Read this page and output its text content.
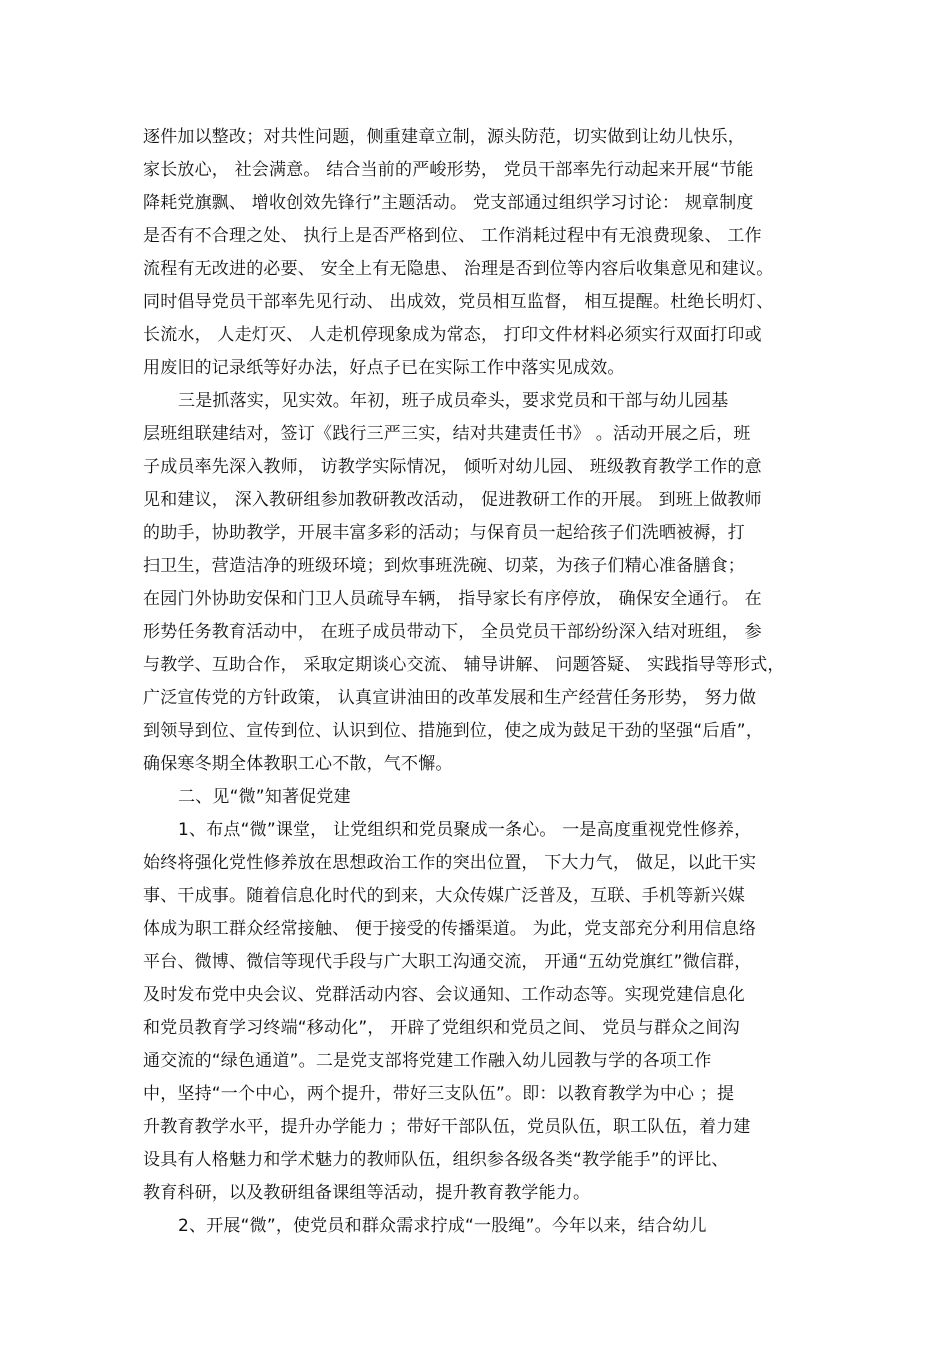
逐件加以整改；对共性问题，侧重建章立制，源头防范，切实做到让幼儿快乐，
家长放心， 社会满意。 结合当前的严峻形势， 党员干部率先行动起来开展“节能
降耗党旗飘、 增收创效先锋行”主题活动。 党支部通过组织学习讨论： 规章制度
是否有不合理之处、 执行上是否严格到位、 工作消耗过程中有无浪费现象、 工作
流程有无改进的必要、 安全上有无隐患、 治理是否到位等内容后收集意见和建议。
同时倡导党员干部率先见行动、 出成效，党员相互监督， 相互提醒。杜绝长明灯、
长流水， 人走灯灭、 人走机停现象成为常态， 打印文件材料必须实行双面打印或
用废旧的记录纸等好办法，好点子已在实际工作中落实见成效。
三是抓落实，见实效。年初，班子成员牵头，要求党员和干部与幼儿园基
层班组联建结对，签订《践行三严三实，结对共建责任书》 。活动开展之后，班
子成员率先深入教师， 访教学实际情况， 倾听对幼儿园、 班级教育教学工作的意
见和建议， 深入教研组参加教研教改活动， 促进教研工作的开展。 到班上做教师
的助手，协助教学，开展丰富多彩的活动；与保育员一起给孩子们洗晒被褥，打
扫卫生，营造洁净的班级环境；到炊事班洗碗、切菜，为孩子们精心准备膳食；
在园门外协助安保和门卫人员疏导车辆， 指导家长有序停放， 确保安全通行。 在
形势任务教育活动中， 在班子成员带动下， 全员党员干部纷纷深入结对班组， 参
与教学、互助合作， 采取定期谈心交流、 辅导讲解、 问题答疑、 实践指导等形式，
广泛宣传党的方针政策， 认真宣讲油田的改革发展和生产经营任务形势， 努力做
到领导到位、宣传到位、认识到位、措施到位，使之成为鼓足干劲的坚强“后盾”，
确保寒冬期全体教职工心不散，气不懈。
二、见“微”知著促党建
1、布点“微”课堂， 让党组织和党员聚成一条心。 一是高度重视党性修养，
始终将强化党性修养放在思想政治工作的突出位置， 下大力气， 做足，以此干实
事、干成事。随着信息化时代的到来，大众传媒广泛普及，互联、手机等新兴媒
体成为职工群众经常接触、 便于接受的传播渠道。 为此，党支部充分利用信息络
平台、微博、微信等现代手段与广大职工沟通交流， 开通“五幼党旗红”微信群，
及时发布党中央会议、党群活动内容、会议通知、工作动态等。实现党建信息化
和党员教育学习终端“移动化”， 开辟了党组织和党员之间、 党员与群众之间沟
通交流的“绿色通道”。二是党支部将党建工作融入幼儿园教与学的各项工作
中，坚持“一个中心，两个提升，带好三支队伍”。即：以教育教学为中心 ；提
升教育教学水平，提升办学能力 ；带好干部队伍，党员队伍，职工队伍，着力建
设具有人格魅力和学术魅力的教师队伍，组织参各级各类“教学能手”的评比、
教育科研，以及教研组备课组等活动，提升教育教学能力。
2、开展“微”，使党员和群众需求拧成“一股绳”。今年以来，结合幼儿
